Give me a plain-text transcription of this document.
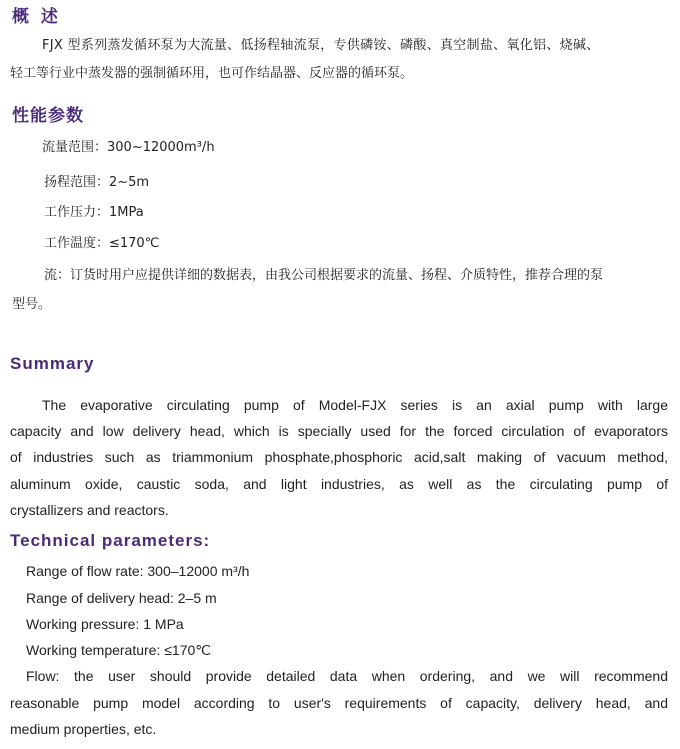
概 述
FJX 型系列蒸发循环泵为大流量、低扬程轴流泵，专供磷铵、磷酸、真空制盐、氧化铝、烧碱、
轻工等行业中蒸发器的强制循环用，也可作结晶器、反应器的循环泵。
性能参数
流量范围：300~12000m³/h
扬程范围：2~5m
工作压力：1MPa
工作温度：≤170℃
流：订货时用户应提供详细的数据表，由我公司根据要求的流量、扬程、介质特性，推荐合理的泵
型号。
Summary
The evaporative circulating pump of Model-FJX series is an axial pump with large
capacity and low delivery head, which is specially used for the forced circulation of evaporators
of industries such as triammonium phosphate,phosphoric acid,salt making of vacuum method,
aluminum oxide, caustic soda, and light industries, as well as the circulating pump of
crystallizers and reactors.
Technical parameters:
Range of flow rate: 300–12000 m³/h
Range of delivery head: 2–5 m
Working pressure: 1 MPa
Working temperature: ≤170℃
Flow: the user should provide detailed data when ordering, and we will recommend
reasonable pump model according to user's requirements of capacity, delivery head, and
medium properties, etc.
